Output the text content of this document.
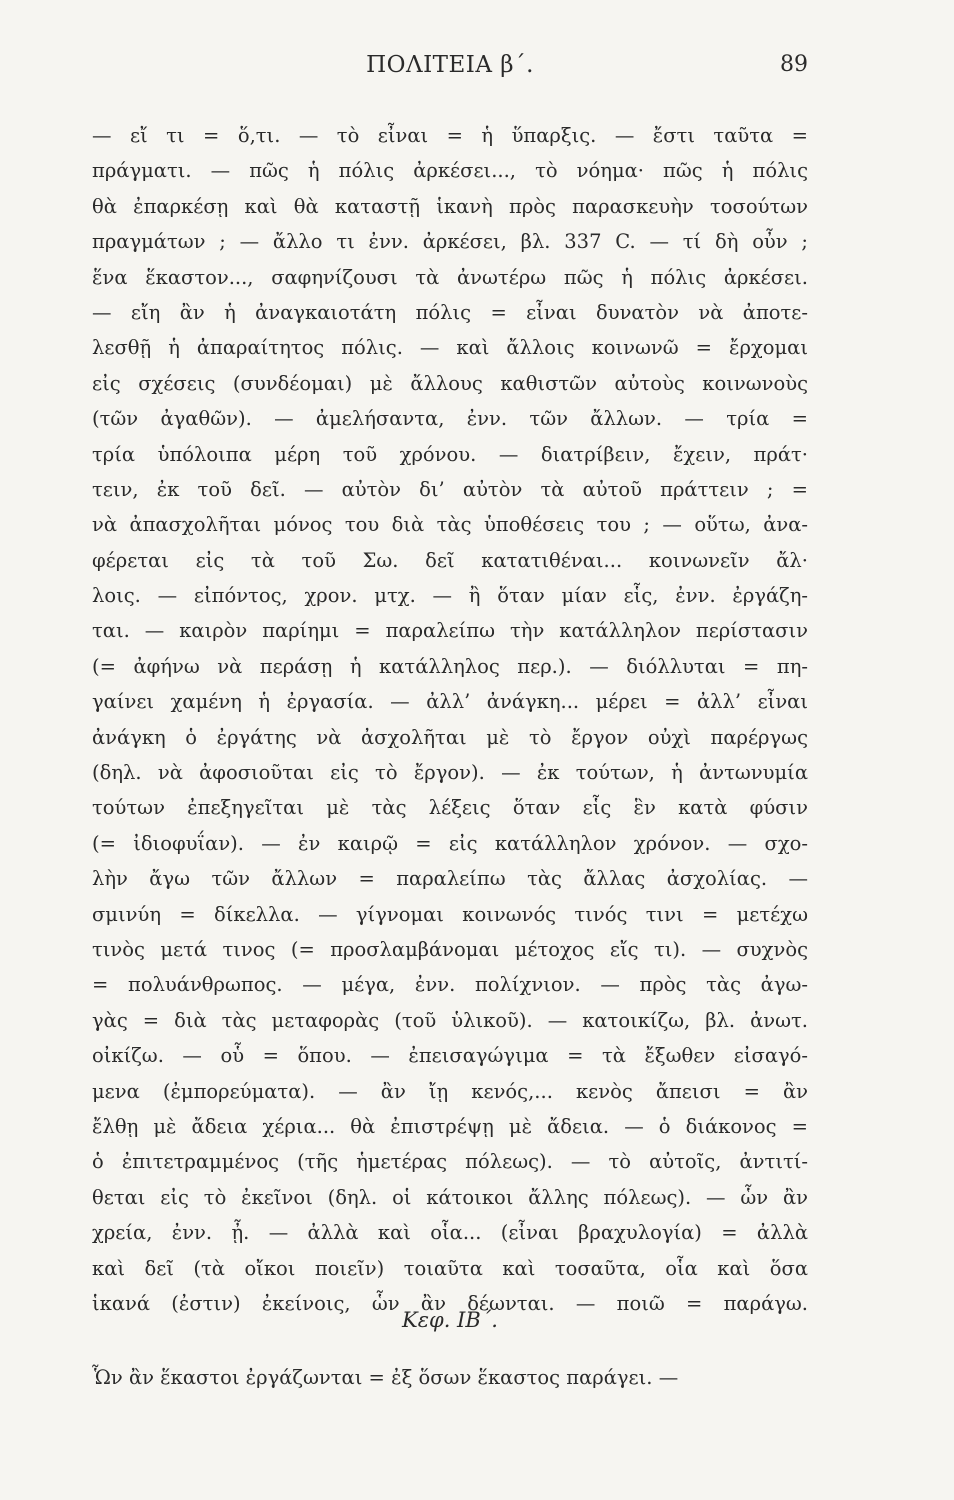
ΠΟΛΙΤΕΙΑ β΄.	89
— εἴ τι = ὅ,τι. — τὸ εἶναι = ἡ ὕπαρξις. — ἔστι ταῦτα =
πράγματι. — πῶς ἡ πόλις ἀρκέσει..., τὸ νόημα· πῶς ἡ πόλις
θὰ ἐπαρκέσῃ καὶ θὰ καταστῇ ἱκανὴ πρὸς παρασκευὴν τοσούτων
πραγμάτων ; — ἄλλο τι ἐνν. ἀρκέσει, βλ. 337 C. — τί δὴ οὖν ;
ἕνα ἕκαστον..., σαφηνίζουσι τὰ ἀνωτέρω πῶς ἡ πόλις ἀρκέσει.
— εἴη ἂν ἡ ἀναγκαιοτάτη πόλις = εἶναι δυνατὸν νὰ ἀποτε-
λεσθῇ ἡ ἀπαραίτητος πόλις. — καὶ ἄλλοις κοινωνῶ = ἔρχομαι
εἰς σχέσεις (συνδέομαι) μὲ ἄλλους καθιστῶν αὐτοὺς κοινωνοὺς
(τῶν ἀγαθῶν). — ἀμελήσαντα, ἐνν. τῶν ἄλλων. — τρία =
τρία ὑπόλοιπα μέρη τοῦ χρόνου. — διατρίβειν, ἔχειν, πράτ·
τειν, ἐκ τοῦ δεῖ. — αὐτὸν δι’ αὐτὸν τὰ αὐτοῦ πράττειν ; =
νὰ ἀπασχολῆται μόνος του διὰ τὰς ὑποθέσεις του ; — οὕτω, ἀνα-
φέρεται εἰς τὰ τοῦ Σω. δεῖ κατατιθέναι... κοινωνεῖν ἄλ·
λοις. — εἰπόντος, χρον. μτχ. — ἢ ὅταν μίαν εἷς, ἐνν. ἐργάζη-
ται. — καιρὸν παρίημι = παραλείπω τὴν κατάλληλον περίστασιν
(= ἀφήνω νὰ περάσῃ ἡ κατάλληλος περ.). — διόλλυται = πη-
γαίνει χαμένη ἡ ἐργασία. — ἀλλ’ ἀνάγκη... μέρει = ἀλλ’ εἶναι
ἀνάγκη ὁ ἐργάτης νὰ ἀσχολῆται μὲ τὸ ἔργον οὐχὶ παρέργως
(δηλ. νὰ ἀφοσιοῦται εἰς τὸ ἔργον). — ἐκ τούτων, ἡ ἀντωνυμία
τούτων ἐπεξηγεῖται μὲ τὰς λέξεις ὅταν εἷς ἓν κατὰ φύσιν
(= ἰδιοφυΐαν). — ἐν καιρῷ = εἰς κατάλληλον χρόνον. — σχο-
λὴν ἄγω τῶν ἄλλων = παραλείπω τὰς ἄλλας ἀσχολίας. —
σμινύη = δίκελλα. — γίγνομαι κοινωνός τινός τινι = μετέχω
τινὸς μετά τινος (= προσλαμβάνομαι μέτοχος εἴς τι). — συχνὸς
= πολυάνθρωπος. — μέγα, ἐνν. πολίχνιον. — πρὸς τὰς ἀγω-
γὰς = διὰ τὰς μεταφορὰς (τοῦ ὑλικοῦ). — κατοικίζω, βλ. ἀνωτ.
οἰκίζω. — οὗ = ὅπου. — ἐπεισαγώγιμα = τὰ ἔξωθεν εἰσαγό-
μενα (ἐμπορεύματα). — ἂν ἴῃ κενός,... κενὸς ἄπεισι = ἂν
ἔλθῃ μὲ ἄδεια χέρια... θὰ ἐπιστρέψῃ μὲ ἄδεια. — ὁ διάκονος =
ὁ ἐπιτετραμμένος (τῆς ἡμετέρας πόλεως). — τὸ αὐτοῖς, ἀντιτί-
θεται εἰς τὸ ἐκεῖνοι (δηλ. οἱ κάτοικοι ἄλλης πόλεως). — ὧν ἂν
χρεία, ἐνν. ᾖ. — ἀλλὰ καὶ οἷα... (εἶναι βραχυλογία) = ἀλλὰ
καὶ δεῖ (τὰ οἴκοι ποιεῖν) τοιαῦτα καὶ τοσαῦτα, οἷα καὶ ὅσα
ἱκανά (ἐστιν) ἐκείνοις, ὧν ἂν δέωνται. — ποιῶ = παράγω.
Κεφ. ΙΒ΄.
Ὧν ἂν ἕκαστοι ἐργάζωνται = ἐξ ὅσων ἕκαστος παράγει. —
